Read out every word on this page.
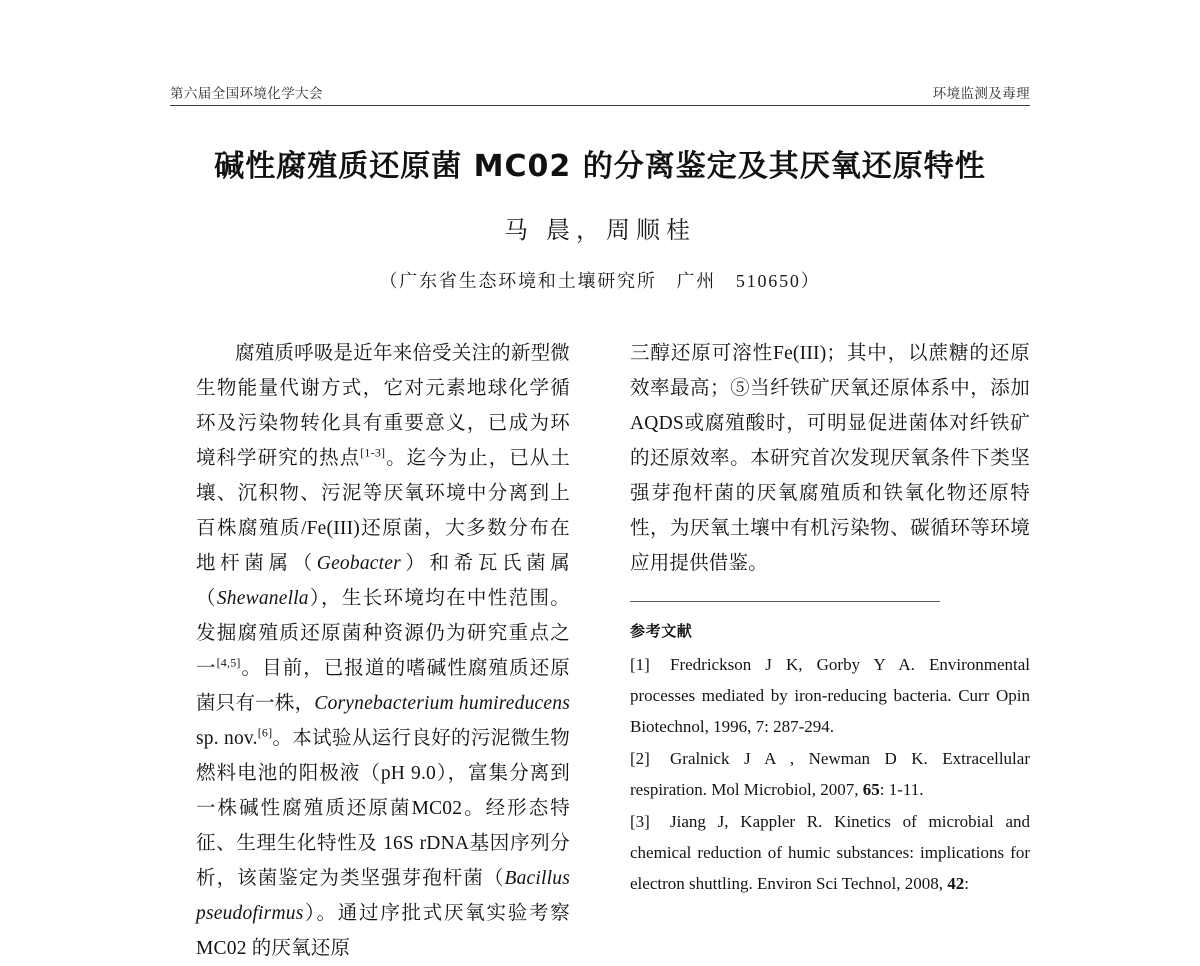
第六届全国环境化学大会	环境监测及毒理
碱性腐殖质还原菌 MC02 的分离鉴定及其厌氧还原特性
马 晨，周顺桂
（广东省生态环境和土壤研究所　广州　510650）

腐殖质呼吸是近年来倍受关注的新型微生物能量代谢方式，它对元素地球化学循环及污染物转化具有重要意义，已成为环境科学研究的热点[1-3]。迄今为止，已从土壤、沉积物、污泥等厌氧环境中分离到上百株腐殖质/Fe(III)还原菌，大多数分布在地杆菌属（Geobacter）和希瓦氏菌属（Shewanella），生长环境均在中性范围。发掘腐殖质还原菌种资源仍为研究重点之一[4,5]。目前，已报道的嗜碱性腐殖质还原菌只有一株，Corynebacterium humireducens sp. nov.[6]。本试验从运行良好的污泥微生物燃料电池的阳极液（pH 9.0），富集分离到一株碱性腐殖质还原菌MC02。经形态特征、生理生化特性及 16S rDNA基因序列分析，该菌鉴定为类坚强芽孢杆菌（Bacillus pseudofirmus）。通过序批式厌氧实验考察MC02 的厌氧还原

三醇还原可溶性Fe(III)；其中，以蔗糖的还原效率最高；⑤当纤铁矿厌氧还原体系中，添加AQDS或腐殖酸时，可明显促进菌体对纤铁矿的还原效率。本研究首次发现厌氧条件下类坚强芽孢杆菌的厌氧腐殖质和铁氧化物还原特性，为厌氧土壤中有机污染物、碳循环等环境应用提供借鉴。

参考文献
[1] Fredrickson J K, Gorby Y A. Environmental processes mediated by iron-reducing bacteria. Curr Opin Biotechnol, 1996, 7: 287-294.
[2] Gralnick J A , Newman D K. Extracellular respiration. Mol Microbiol, 2007, 65: 1-11.
[3] Jiang J, Kappler R. Kinetics of microbial and chemical reduction of humic substances: implications for electron shuttling. Environ Sci Technol, 2008, 42:
